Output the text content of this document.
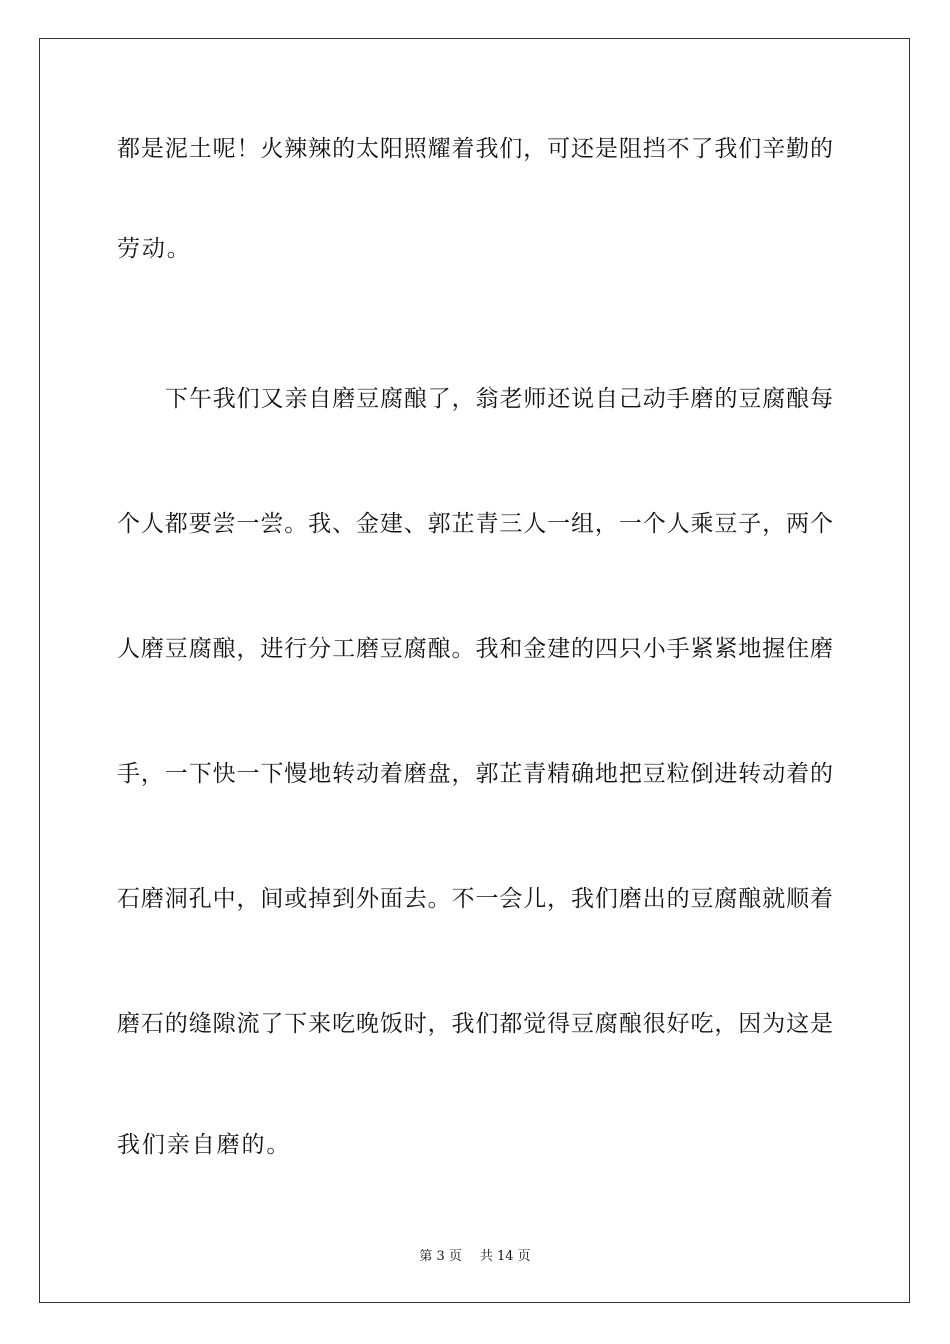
都是泥土呢！火辣辣的太阳照耀着我们，可还是阻挡不了我们辛勤的
劳动。
下午我们又亲自磨豆腐酿了，翁老师还说自己动手磨的豆腐酿每
个人都要尝一尝。我、金建、郭芷青三人一组，一个人乘豆子，两个
人磨豆腐酿，进行分工磨豆腐酿。我和金建的四只小手紧紧地握住磨
手，一下快一下慢地转动着磨盘，郭芷青精确地把豆粒倒进转动着的
石磨洞孔中，间或掉到外面去。不一会儿，我们磨出的豆腐酿就顺着
磨石的缝隙流了下来吃晚饭时，我们都觉得豆腐酿很好吃，因为这是
我们亲自磨的。
第 3 页 共 14 页
